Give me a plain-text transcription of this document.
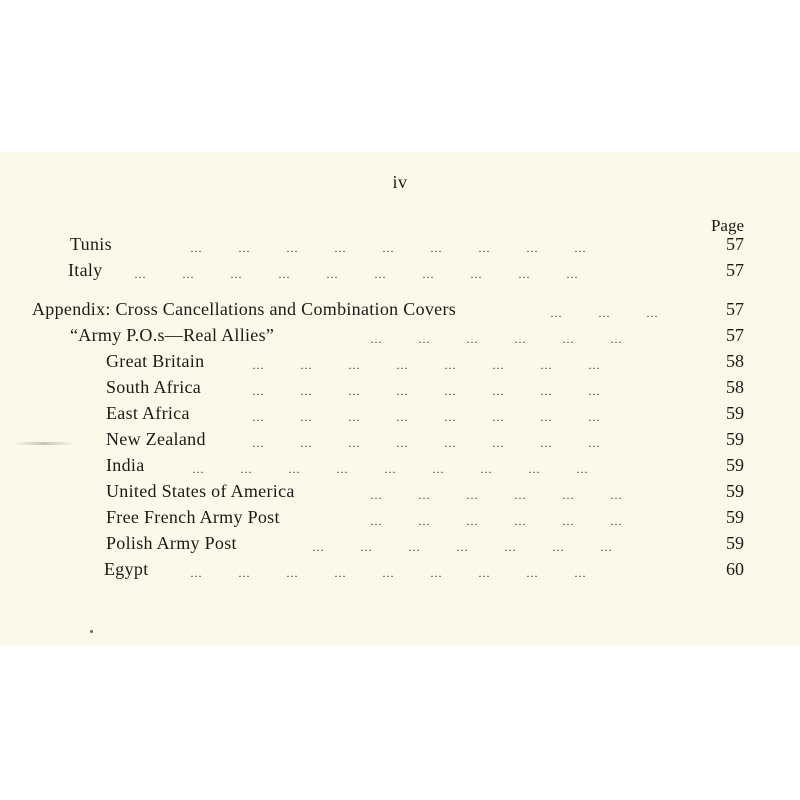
iv
Page
Tunis	… … … … … … … … …	57
Italy	… … … … … … … … … …	57
Appendix: Cross Cancellations and Combination Covers	… … …	57
“Army P.O.s—Real Allies”	… … … … … …	57
Great Britain	… … … … … … … …	58
South Africa	… … … … … … … …	58
East Africa	… … … … … … … …	59
New Zealand	… … … … … … … …	59
India	… … … … … … … … …	59
United States of America	… … … … … …	59
Free French Army Post	… … … … … …	59
Polish Army Post	… … … … … … …	59
Egypt	… … … … … … … … …	60
